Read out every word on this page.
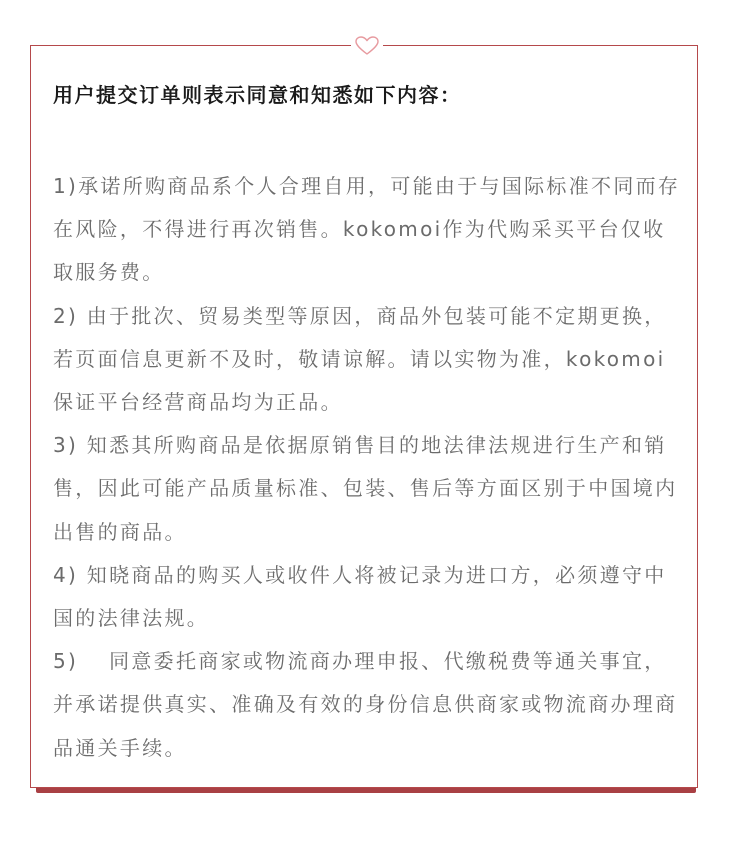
用户提交订单则表示同意和知悉如下内容：

1)承诺所购商品系个人合理自用，可能由于与国际标准不同而存在风险，不得进行再次销售。kokomoi作为代购采买平台仅收取服务费。

2) 由于批次、贸易类型等原因，商品外包装可能不定期更换，若页面信息更新不及时，敬请谅解。请以实物为准，kokomoi保证平台经营商品均为正品。

3) 知悉其所购商品是依据原销售目的地法律法规进行生产和销售，因此可能产品质量标准、包装、售后等方面区别于中国境内出售的商品。

4) 知晓商品的购买人或收件人将被记录为进口方，必须遵守中国的法律法规。

5)　 同意委托商家或物流商办理申报、代缴税费等通关事宜，并承诺提供真实、准确及有效的身份信息供商家或物流商办理商品通关手续。
